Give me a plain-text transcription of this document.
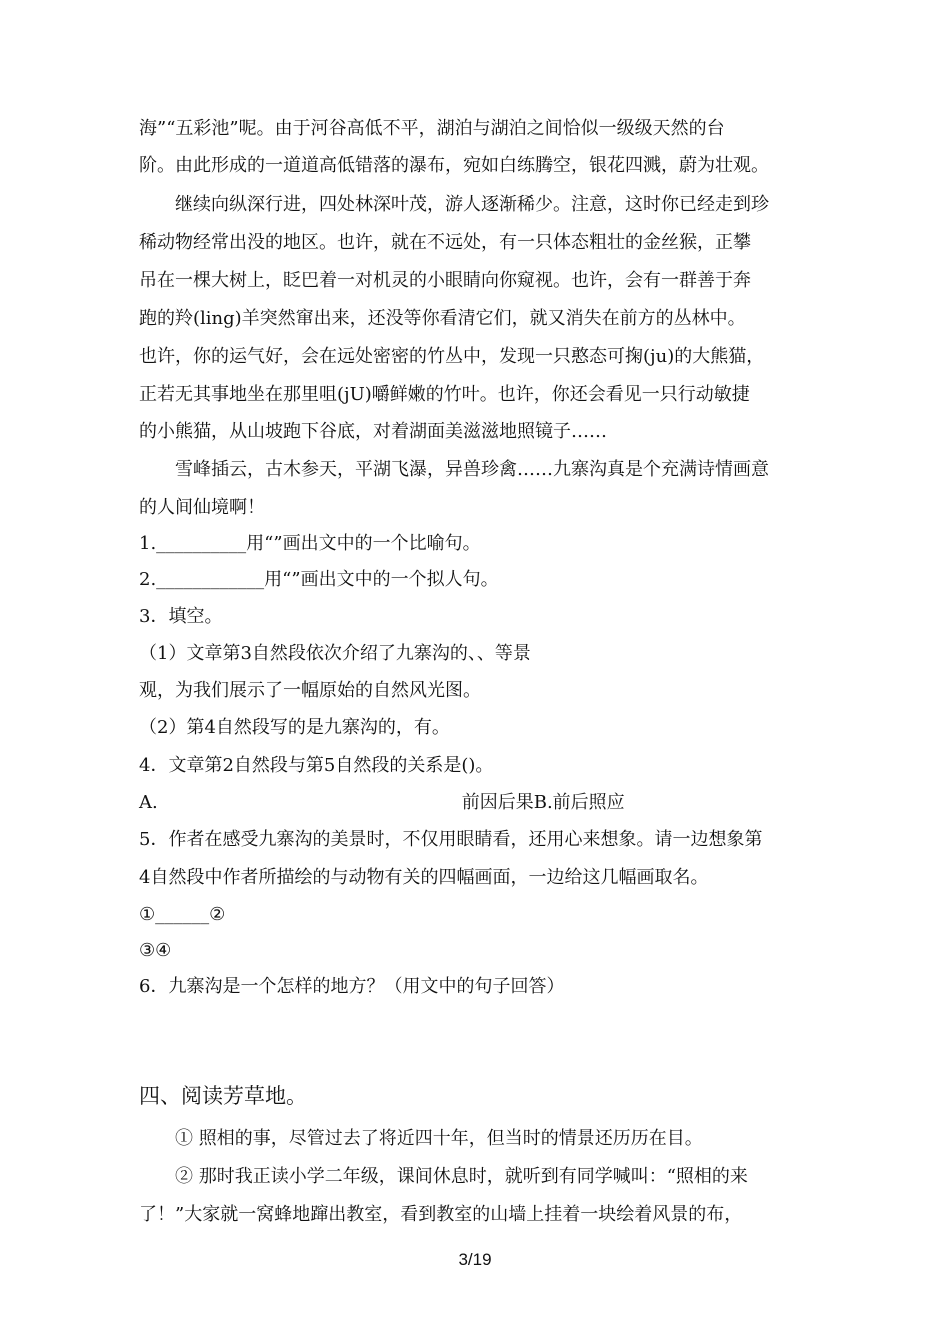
海”“五彩池”呢。由于河谷高低不平，湖泊与湖泊之间恰似一级级天然的台
阶。由此形成的一道道高低错落的瀑布，宛如白练腾空，银花四溅，蔚为壮观。
　　继续向纵深行进，四处林深叶茂，游人逐渐稀少。注意，这时你已经走到珍
稀动物经常出没的地区。也许，就在不远处，有一只体态粗壮的金丝猴，正攀
吊在一棵大树上，眨巴着一对机灵的小眼睛向你窥视。也许，会有一群善于奔
跑的羚(ling)羊突然窜出来，还没等你看清它们，就又消失在前方的丛林中。
也许，你的运气好，会在远处密密的竹丛中，发现一只憨态可掬(ju)的大熊猫，
正若无其事地坐在那里咀(jU)嚼鲜嫩的竹叶。也许，你还会看见一只行动敏捷
的小熊猫，从山坡跑下谷底，对着湖面美滋滋地照镜子……
　　雪峰插云，古木参天，平湖飞瀑，异兽珍禽……九寨沟真是个充满诗情画意
的人间仙境啊！
1.__________用“”画出文中的一个比喻句。
2.____________用“”画出文中的一个拟人句。
3．填空。
（1）文章第3自然段依次介绍了九寨沟的、、等景
观，为我们展示了一幅原始的自然风光图。
（2）第4自然段写的是九寨沟的，有。
4．文章第2自然段与第5自然段的关系是()。
A.	前因后果B.前后照应
5．作者在感受九寨沟的美景时，不仅用眼睛看，还用心来想象。请一边想象第
4自然段中作者所描绘的与动物有关的四幅画面，一边给这几幅画取名。
①______②
③④
6．九寨沟是一个怎样的地方？（用文中的句子回答）
四、阅读芳草地。
　　① 照相的事，尽管过去了将近四十年，但当时的情景还历历在目。
　　② 那时我正读小学二年级，课间休息时，就听到有同学喊叫：“照相的来
了！”大家就一窝蜂地蹿出教室，看到教室的山墙上挂着一块绘着风景的布，
3/19
